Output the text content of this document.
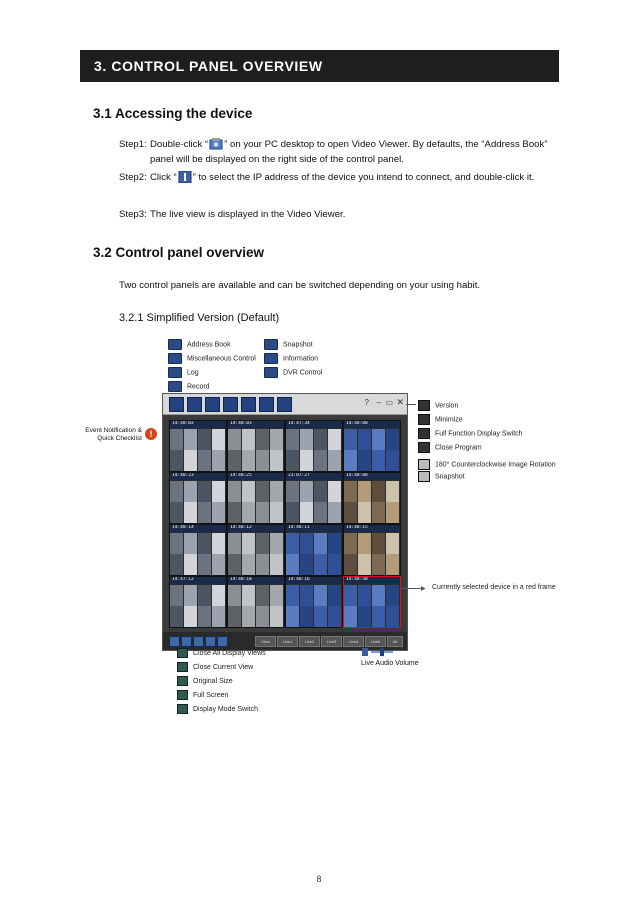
3. CONTROL PANEL OVERVIEW
3.1 Accessing the device
Step1: Double-click “ ” on your PC desktop to open Video Viewer. By defaults, the “Address Book” panel will be displayed on the right side of the control panel.
Step2: Click “ ” to select the IP address of the device you intend to connect, and double-click it.
Step3: The live view is displayed in the Video Viewer.
3.2 Control panel overview
Two control panels are available and can be switched depending on your using habit.
3.2.1 Simplified Version (Default)
Address Book
Miscellaneous Control
Log
Record
Snapshot
Information
DVR Control
Event Notification & Quick Checklist !
? – ▭ ✕
14:48:03	14:48:03	14:47:34	14:48:00
14:48:23	14:48:25	23:07:27	14:48:08
14:48:14	14:48:12	14:48:11	14:48:15
14:47:12	14:48:10	14:48:16	14:48:50
View	Live1	Live2	Live3	Live4	Live5	Alt
Version
Minimize
Full Function Display Switch
Close Program
180° Counterclockwise Image Rotation
Snapshot
▶ Currently selected device in a red frame
Close All Display Views
Close Current View
Original Size
Full Screen
Display Mode Switch
Live Audio Volume
8
